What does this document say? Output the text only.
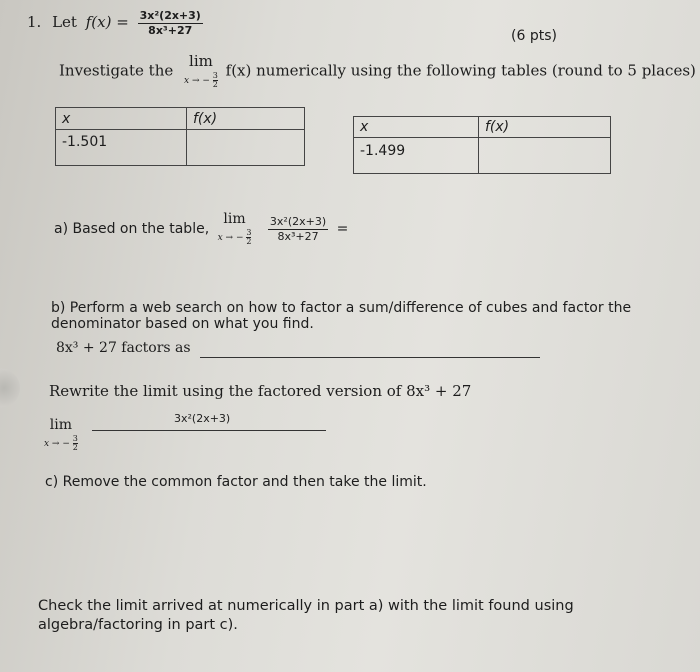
1. Let $f(x) = \frac{\text{3x²(2x+3)}}{\text{8x³+27}}$	(6 pts)
Investigate the
lim
x → − $\frac{3}{2}$
f(x) numerically using the following tables (round to 5 places)
x	f(x)
-1.501	
x	f(x)
-1.499	
a) Based on the table,
lim
x → − $\frac{3}{2}$
$\frac{\text{3x²(2x+3)}}{\text{8x³+27}}$ =
b) Perform a web search on how to factor a sum/difference of cubes and factor the
denominator based on what you find.
8x³ + 27 factors as
Rewrite the limit using the factored version of 8x³ + 27
lim
x → − $\frac{3}{2}$
3x²(2x+3)
c) Remove the common factor and then take the limit.
Check the limit arrived at numerically in part a) with the limit found using
algebra/factoring in part c).
